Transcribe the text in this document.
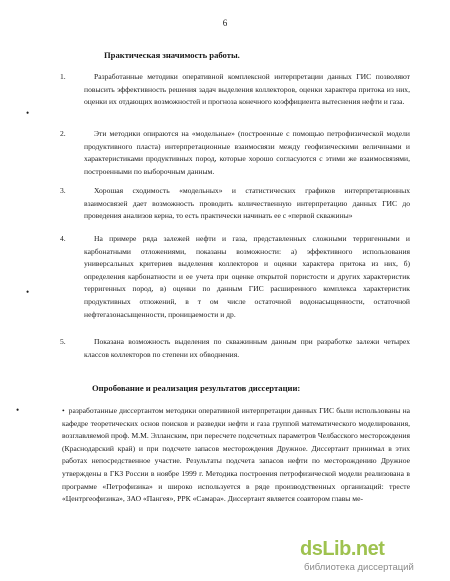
6
Практическая значимость работы.
1.	Разработанные методики оперативной комплексной интерпретации данных ГИС позволяют повысить эффективность решения задач выделения коллекторов, оценки характера притока из них, оценки их отдающих возможностей и прогноза конечного коэффициента вытеснения нефти и газа.
2.	Эти методики опираются на «модельные» (построенные с помощью петрофизической модели продуктивного пласта) интерпретационные взаимосвязи между геофизическими величинами и характеристиками продуктивных пород, которые хорошо согласуются с этими же взаимосвязями, построенными по выборочным данным.
3.	Хорошая сходимость «модельных» и статистических графиков интерпретационных взаимосвязей дает возможность проводить количественную интерпретацию данных ГИС до проведения анализов керна, то есть практически начинать ее с «первой скважины»
4.	На примере ряда залежей нефти и газа, представленных сложными терригенными и карбонатными отложениями, показаны возможности: а) эффективного использования универсальных критериев выделения коллекторов и оценки характера притока из них, б) определения карбонатности и ее учета при оценке открытой пористости и других характеристик терригенных пород, в) оценки по данным ГИС расширенного комплекса характеристик продуктивных отложений, в т ом числе остаточной водонасыщенности, остаточной нефтегазонасыщенности, проницаемости и др.
5.	Показана возможность выделения по скважинным данным при разработке залежи четырех классов коллекторов по степени их обводнения.
Опробование и реализация результатов диссертации:
• разработанные диссертантом методики оперативной интерпретации данных ГИС были использованы на кафедре теоретических основ поисков и разведки нефти и газа группой математического моделирования, возглавляемой проф. М.М. Элланским, при пересчете подсчетных параметров Челбасского месторождения (Краснодарский край) и при подсчете запасов месторождения Дружное. Диссертант принимал в этих работах непосредственное участие. Результаты подсчета запасов нефти по месторождению Дружное утверждены в ГКЗ России в ноябре 1999 г. Методика построения петрофизической модели реализована в программе «Петрофизика» и широко используется в ряде производственных организаций: тресте «Центргеофизика», ЗАО «Пангея», РРК «Самара». Диссертант является соавтором главы ме-
•
•
•
dsLib.net
библиотека диссертаций
